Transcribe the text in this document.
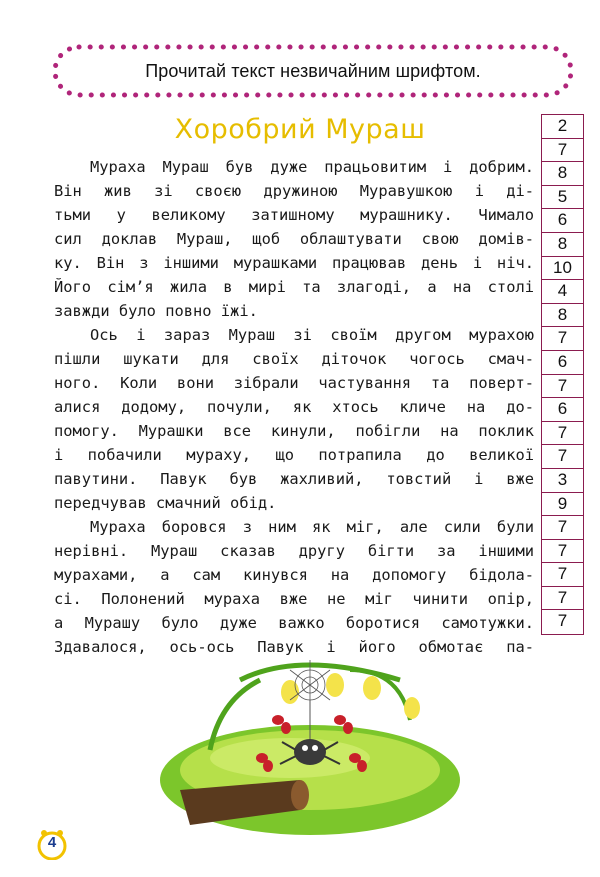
Прочитай текст незвичайним шрифтом.
Хоробрий Мураш
Мураха Мураш був дуже працьовитим і добрим.
Він жив зі своєю дружиною Муравушкою і ді-
тьми у великому затишному мурашнику. Чимало
сил доклав Мураш, щоб облаштувати свою домів-
ку. Він з іншими мурашками працював день і ніч.
Його сім’я жила в мирі та злагоді, а на столі
завжди було повно їжі.
Ось і зараз Мураш зі своїм другом мурахою
пішли шукати для своїх діточок чогось смач-
ного. Коли вони зібрали частування та поверт-
алися додому, почули, як хтось кличе на до-
помогу. Мурашки все кинули, побігли на поклик
і побачили мураху, що потрапила до великої
павутини. Павук був жахливий, товстий і вже
передчував смачний обід.
Мураха боровся з ним як міг, але сили були
нерівні. Мураш сказав другу бігти за іншими
мурахами, а сам кинувся на допомогу бідола-
сі. Полонений мураха вже не міг чинити опір,
а Мурашу було дуже важко боротися самотужки.
Здавалося, ось-ось Павук і його обмотає па-
2
7
8
5
6
8
10
4
8
7
6
7
6
7
7
3
9
7
7
7
7
7
4
